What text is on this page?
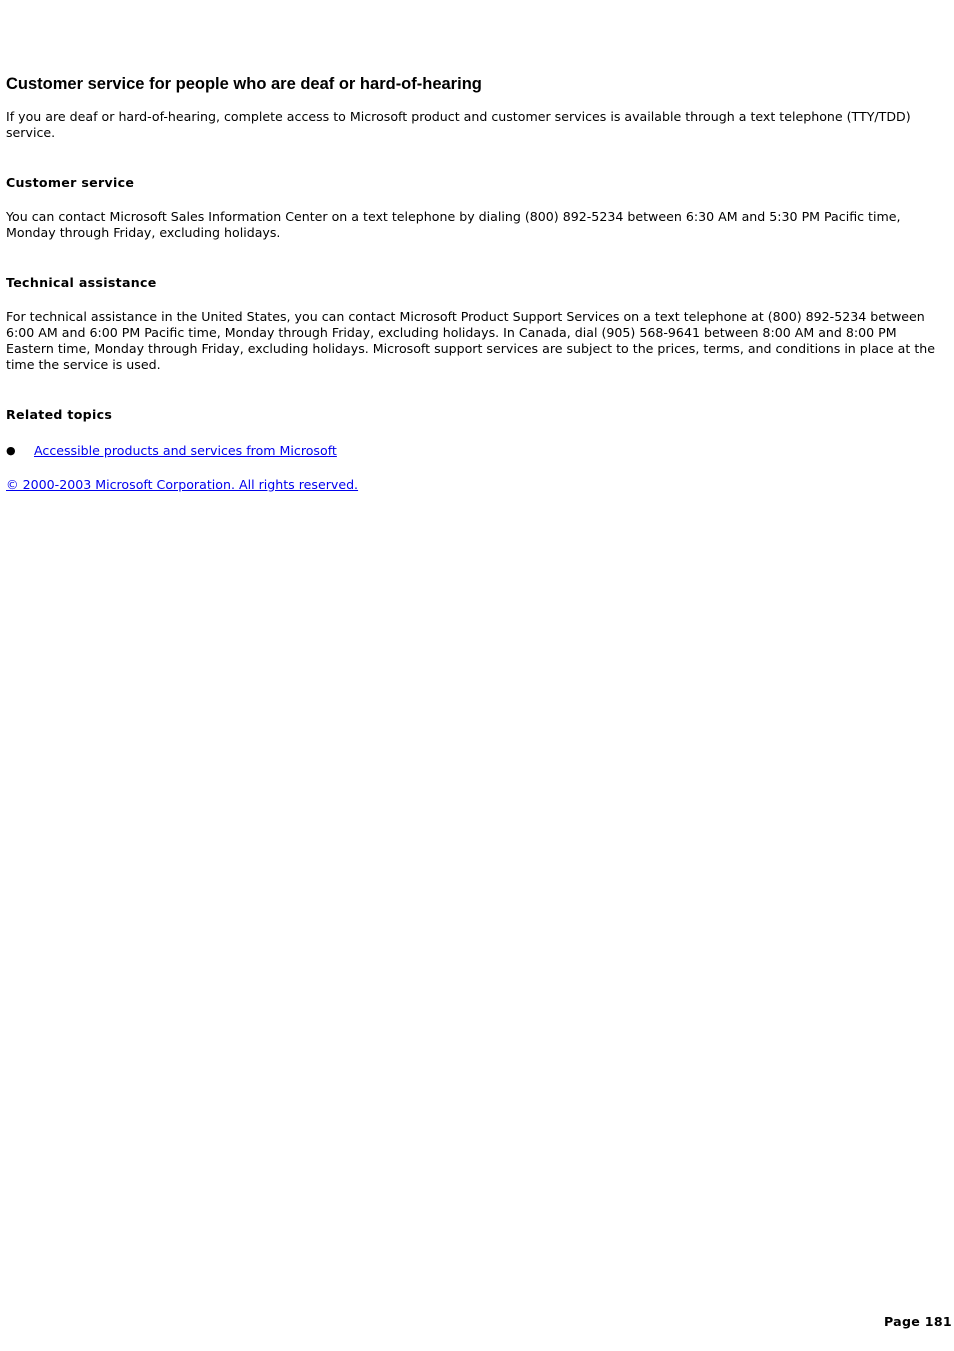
Customer service for people who are deaf or hard-of-hearing

If you are deaf or hard-of-hearing, complete access to Microsoft product and customer services is available through a text telephone (TTY/TDD) service.

Customer service

You can contact Microsoft Sales Information Center on a text telephone by dialing (800) 892-5234 between 6:30 AM and 5:30 PM Pacific time, Monday through Friday, excluding holidays.

Technical assistance

For technical assistance in the United States, you can contact Microsoft Product Support Services on a text telephone at (800) 892-5234 between 6:00 AM and 6:00 PM Pacific time, Monday through Friday, excluding holidays. In Canada, dial (905) 568-9641 between 8:00 AM and 8:00 PM Eastern time, Monday through Friday, excluding holidays. Microsoft support services are subject to the prices, terms, and conditions in place at the time the service is used.

Related topics
●	Accessible products and services from Microsoft

© 2000-2003 Microsoft Corporation. All rights reserved.

Page 181
